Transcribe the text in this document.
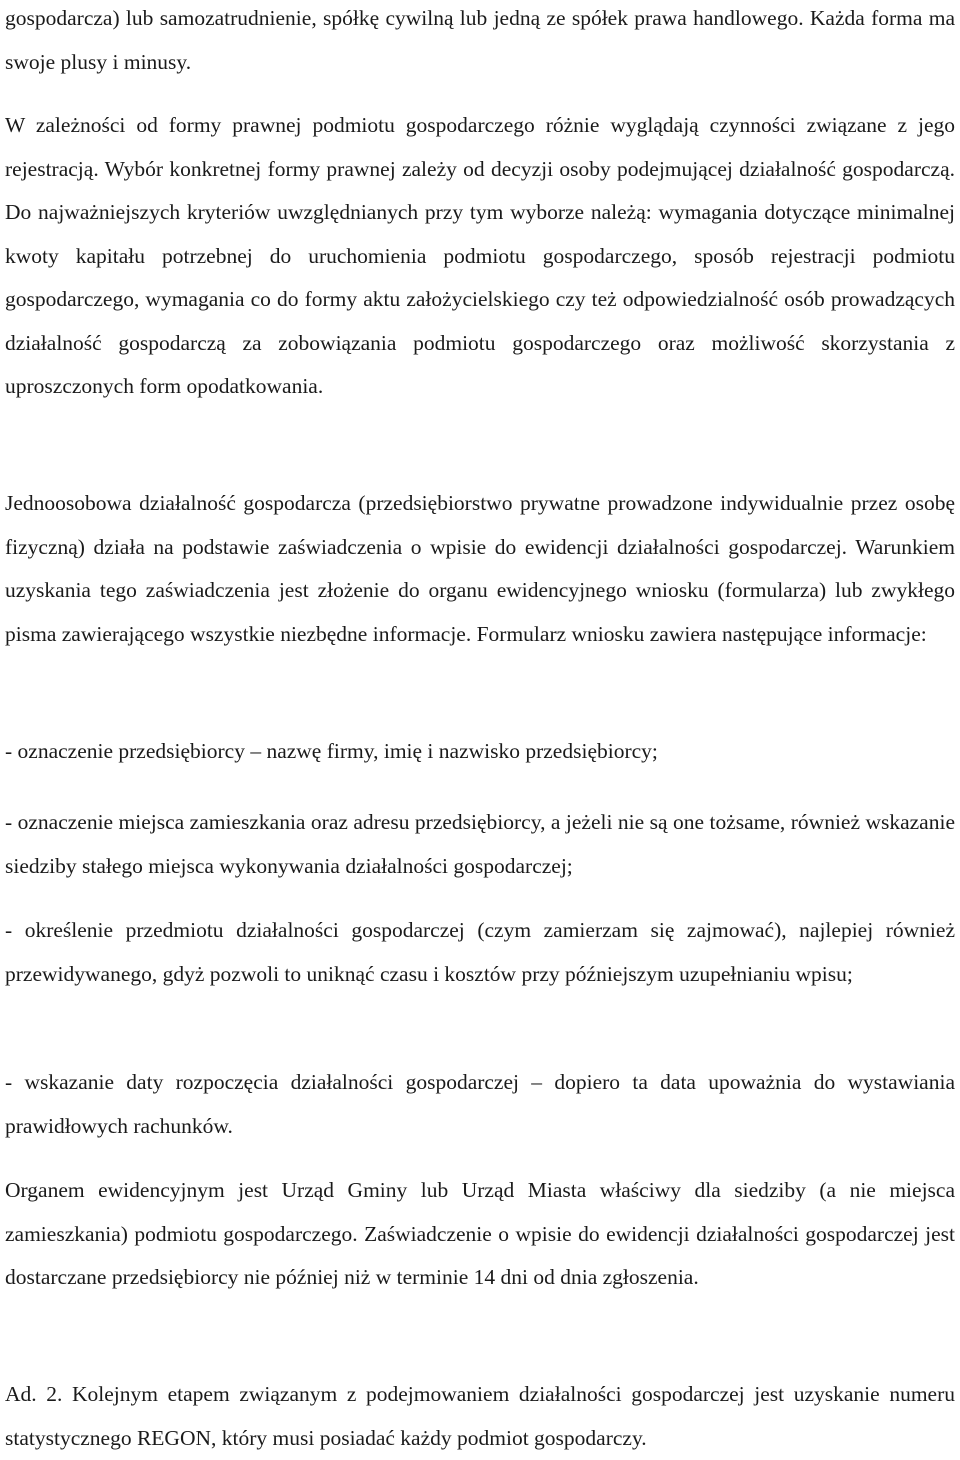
gospodarcza) lub samozatrudnienie, spółkę cywilną lub jedną ze spółek prawa handlowego. Każda forma ma swoje plusy i minusy.

W zależności od formy prawnej podmiotu gospodarczego różnie wyglądają czynności związane z jego rejestracją. Wybór konkretnej formy prawnej zależy od decyzji osoby podejmującej działalność gospodarczą. Do najważniejszych kryteriów uwzględnianych przy tym wyborze należą: wymagania dotyczące minimalnej kwoty kapitału potrzebnej do uruchomienia podmiotu gospodarczego, sposób rejestracji podmiotu gospodarczego, wymagania co do formy aktu założycielskiego czy też odpowiedzialność osób prowadzących działalność gospodarczą za zobowiązania podmiotu gospodarczego oraz możliwość skorzystania z uproszczonych form opodatkowania.

Jednoosobowa działalność gospodarcza (przedsiębiorstwo prywatne prowadzone indywidualnie przez osobę fizyczną) działa na podstawie zaświadczenia o wpisie do ewidencji działalności gospodarczej. Warunkiem uzyskania tego zaświadczenia jest złożenie do organu ewidencyjnego wniosku (formularza) lub zwykłego pisma zawierającego wszystkie niezbędne informacje. Formularz wniosku zawiera następujące informacje:

- oznaczenie przedsiębiorcy – nazwę firmy, imię i nazwisko przedsiębiorcy;

- oznaczenie miejsca zamieszkania oraz adresu przedsiębiorcy, a jeżeli nie są one tożsame, również wskazanie siedziby stałego miejsca wykonywania działalności gospodarczej;

- określenie przedmiotu działalności gospodarczej (czym zamierzam się zajmować), najlepiej również przewidywanego, gdyż pozwoli to uniknąć czasu i kosztów przy późniejszym uzupełnianiu wpisu;

- wskazanie daty rozpoczęcia działalności gospodarczej – dopiero ta data upoważnia do wystawiania prawidłowych rachunków.

Organem ewidencyjnym jest Urząd Gminy lub Urząd Miasta właściwy dla siedziby (a nie miejsca zamieszkania) podmiotu gospodarczego. Zaświadczenie o wpisie do ewidencji działalności gospodarczej jest dostarczane przedsiębiorcy nie później niż w terminie 14 dni od dnia zgłoszenia.

Ad. 2. Kolejnym etapem związanym z podejmowaniem działalności gospodarczej jest uzyskanie numeru statystycznego REGON, który musi posiadać każdy podmiot gospodarczy.
